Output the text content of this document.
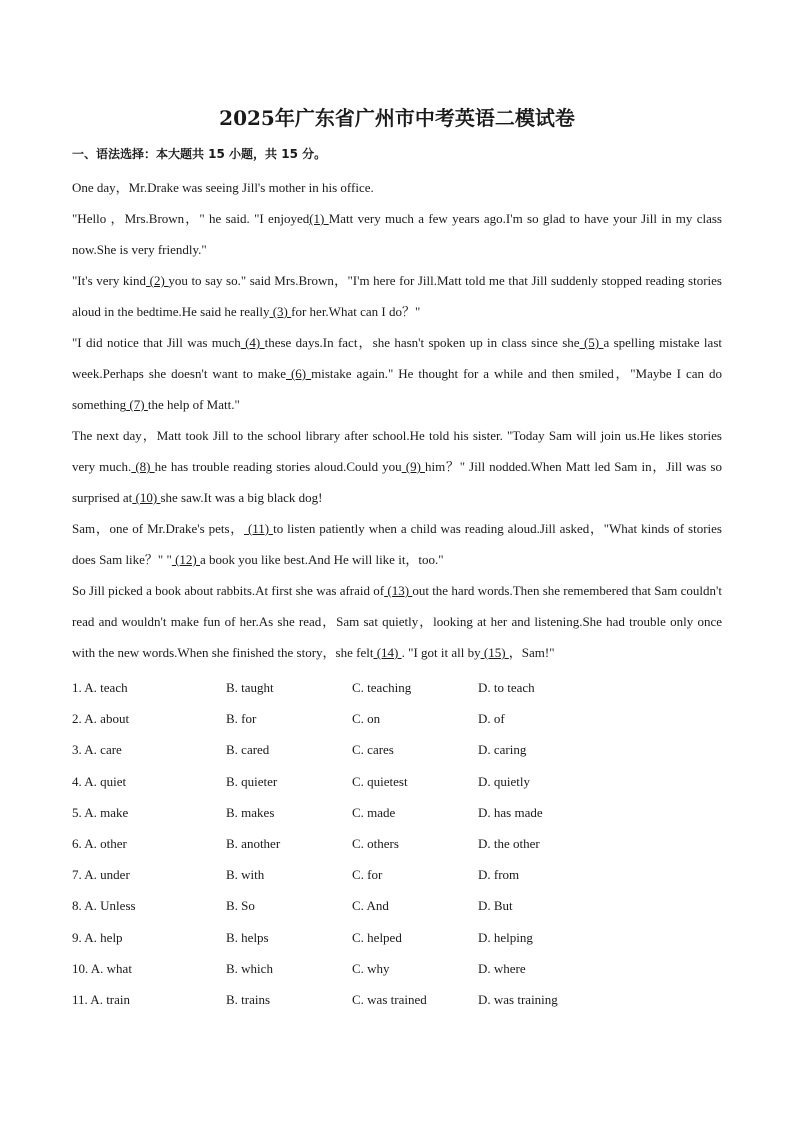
2025年广东省广州市中考英语二模试卷
一、语法选择：本大题共 15 小题，共 15 分。

One day，Mr.Drake was seeing Jill's mother in his office.

"Hello ，Mrs.Brown，" he said. "I enjoyed(1) Matt very much a few years ago.I'm so glad to have your Jill in my class now.She is very friendly."

"It's very kind (2) you to say so." said Mrs.Brown，"I'm here for Jill.Matt told me that Jill suddenly stopped reading stories aloud in the bedtime.He said he really (3) for her.What can I do？"

"I did notice that Jill was much (4) these days.In fact，she hasn't spoken up in class since she (5) a spelling mistake last week.Perhaps she doesn't want to make (6) mistake again." He thought for a while and then smiled，"Maybe I can do something (7) the help of Matt."

The next day，Matt took Jill to the school library after school.He told his sister. "Today Sam will join us.He likes stories very much. (8) he has trouble reading stories aloud.Could you (9) him？" Jill nodded.When Matt led Sam in，Jill was so surprised at (10) she saw.It was a big black dog!

Sam，one of Mr.Drake's pets， (11) to listen patiently when a child was reading aloud.Jill asked，"What kinds of stories does Sam like？" " (12) a book you like best.And He will like it，too."

So Jill picked a book about rabbits.At first she was afraid of (13) out the hard words.Then she remembered that Sam couldn't read and wouldn't make fun of her.As she read，Sam sat quietly，looking at her and listening.She had trouble only once with the new words.When she finished the story，she felt (14) . "I got it all by (15) ，Sam!"

1. A. teach	B. taught	C. teaching	D. to teach
2. A. about	B. for	C. on	D. of
3. A. care	B. cared	C. cares	D. caring
4. A. quiet	B. quieter	C. quietest	D. quietly
5. A. make	B. makes	C. made	D. has made
6. A. other	B. another	C. others	D. the other
7. A. under	B. with	C. for	D. from
8. A. Unless	B. So	C. And	D. But
9. A. help	B. helps	C. helped	D. helping
10. A. what	B. which	C. why	D. where
11. A. train	B. trains	C. was trained	D. was training
